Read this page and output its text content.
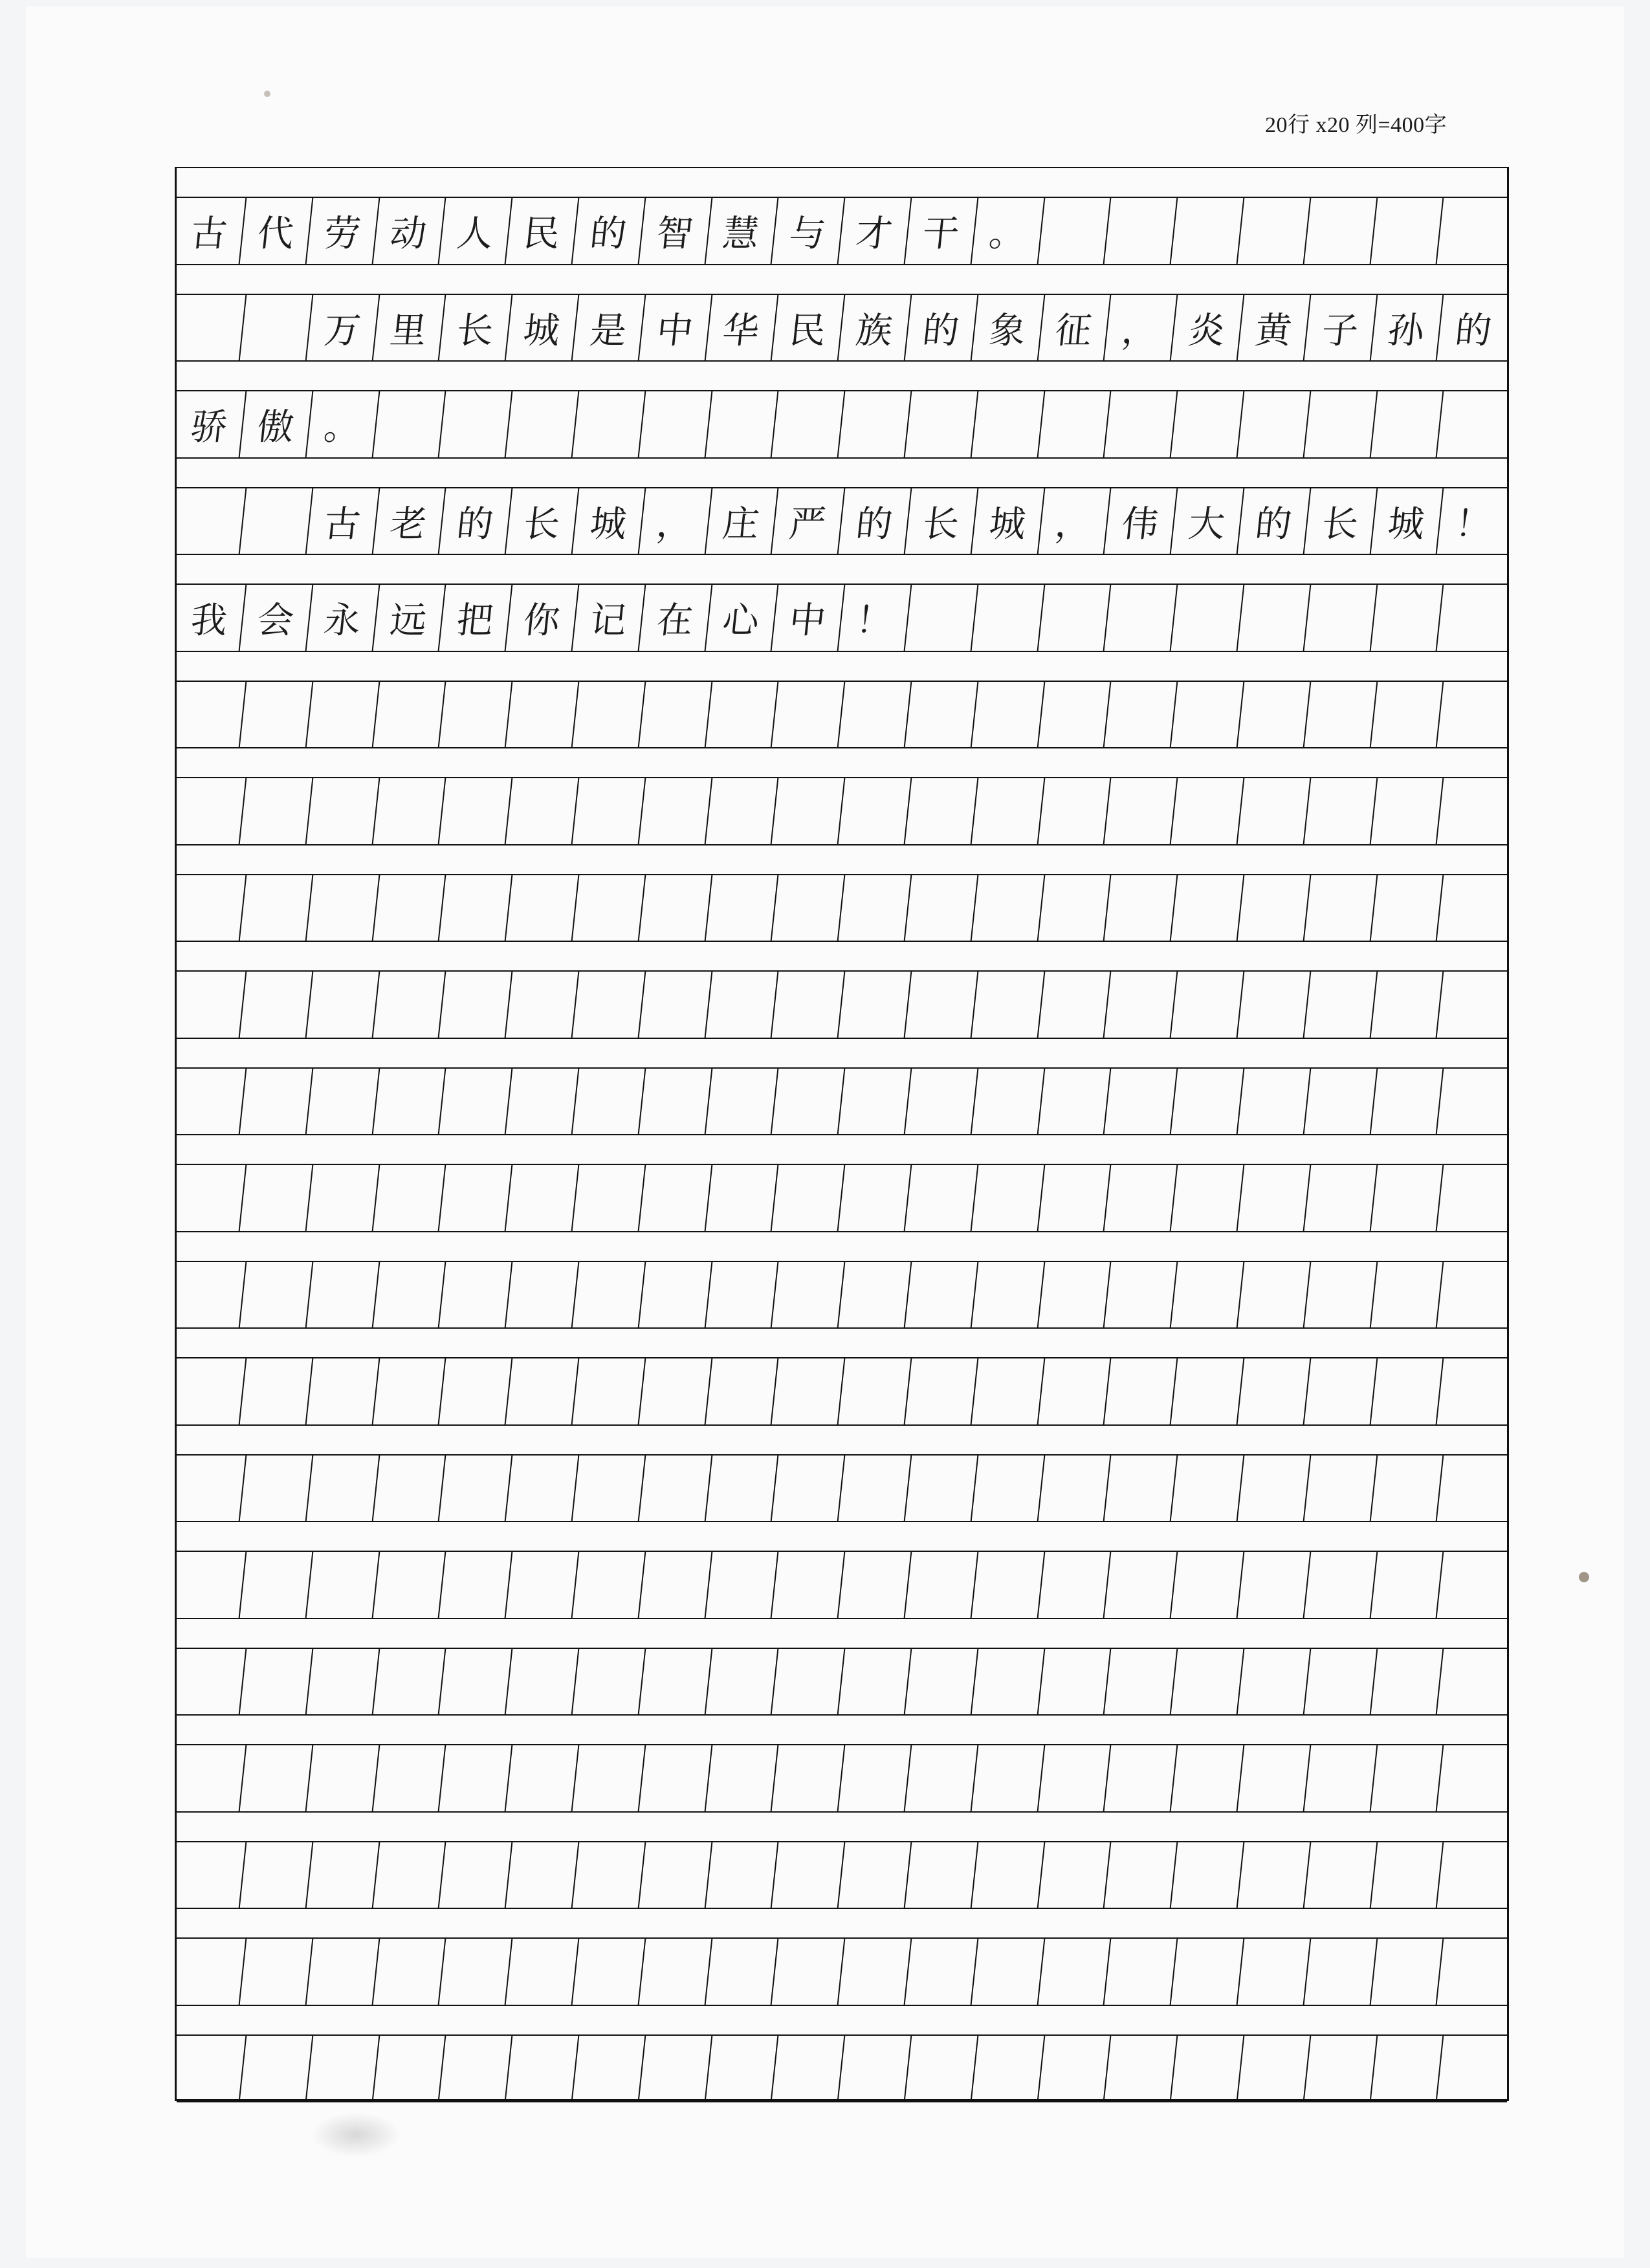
20行 x20 列=400字
古 代 劳 动 人 民 的 智 慧 与 才 干 。
万 里 长 城 是 中 华 民 族 的 象 征 ， 炎 黄 子 孙 的
骄 傲 。
古 老 的 长 城 ， 庄 严 的 长 城 ， 伟 大 的 长 城 ！
我 会 永 远 把 你 记 在 心 中 ！
